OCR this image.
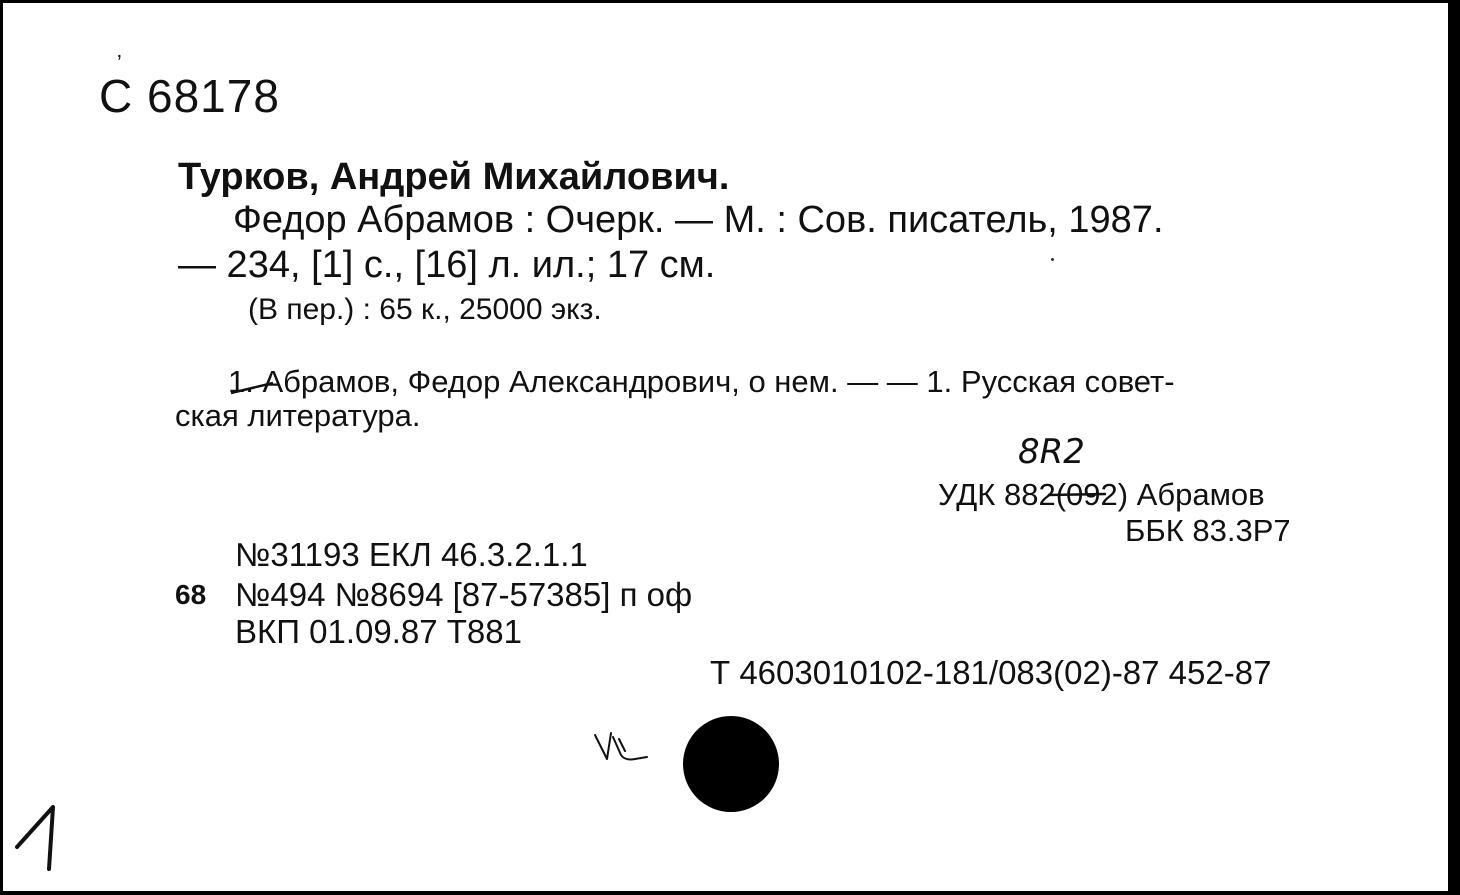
С 68178
ʼ
Турков, Андрей Михайлович.
Федор Абрамов : Очерк. — М. : Сов. писатель, 1987.
— 234, [1] с., [16] л. ил.; 17 см.
(В пер.) : 65 к., 25000 экз.
1. Абрамов, Федор Александрович, о нем. — — 1. Русская совет-
ская литература.
8R2
УДК 882(092) Абрамов
ББК 83.3Р7
№31193 ЕКЛ 46.3.2.1.1
68 №494 №8694 [87-57385] п оф
ВКП 01.09.87 Т881
Т 4603010102-181/083(02)-87 452-87
